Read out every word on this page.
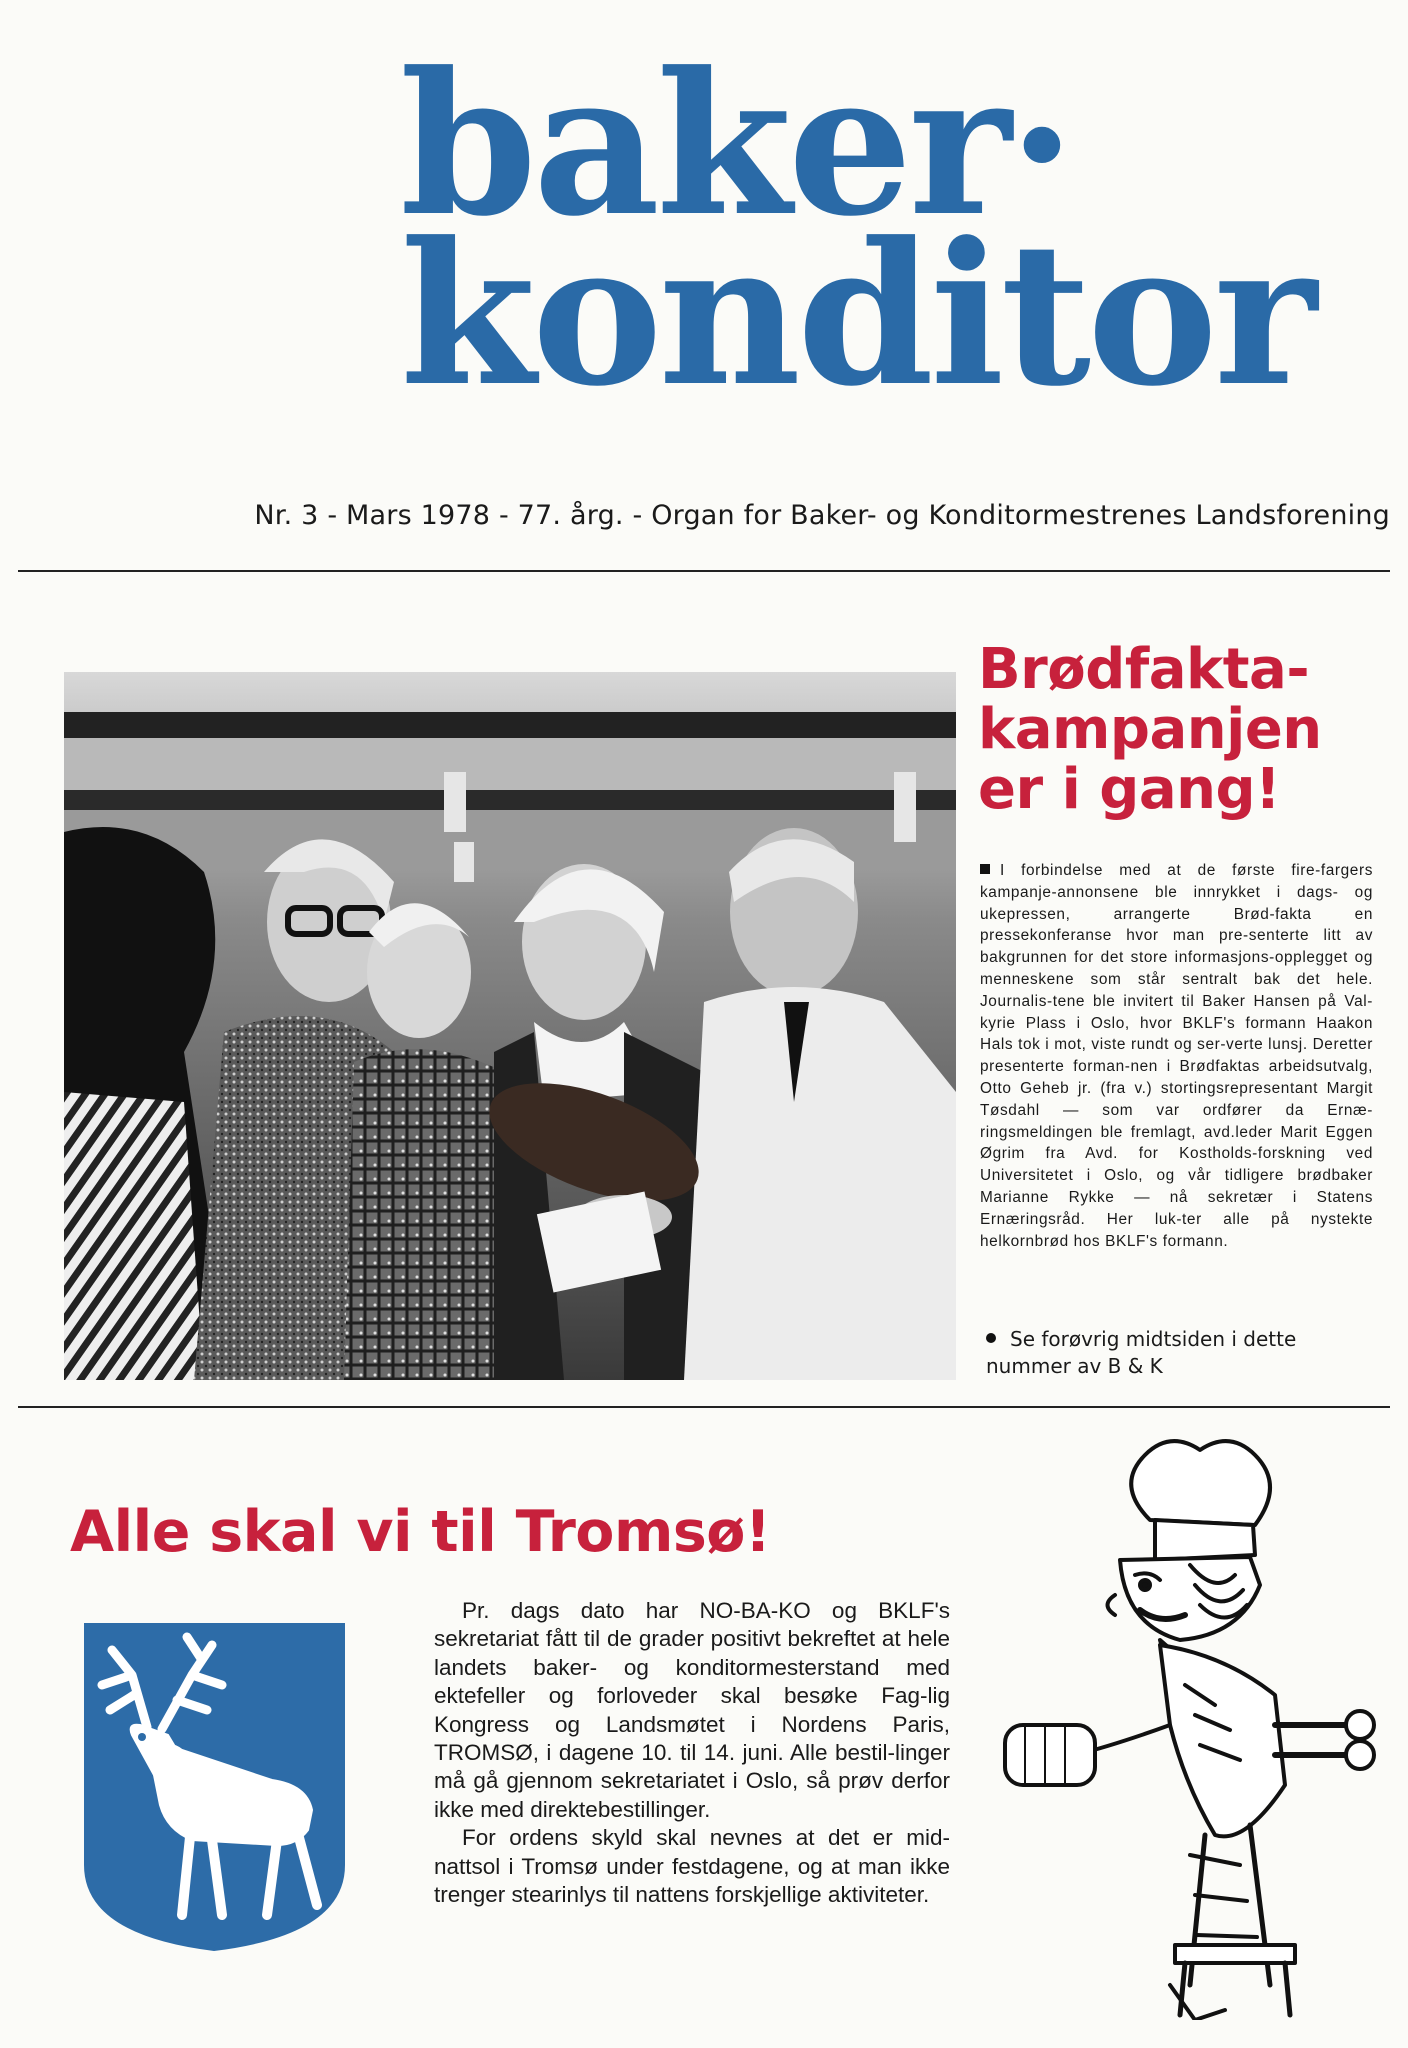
baker·
konditor

Nr. 3 - Mars 1978 - 77. årg. - Organ for Baker- og Konditormestrenes Landsforening

Brødfakta-
kampanjen
er i gang!

I forbindelse med at de første fire-fargers kampanje-annonsene ble innrykket i dags- og ukepressen, arrangerte Brød-fakta en pressekonferanse hvor man pre-senterte litt av bakgrunnen for det store informasjons-opplegget og menneskene som står sentralt bak det hele. Journalis-tene ble invitert til Baker Hansen på Val-kyrie Plass i Oslo, hvor BKLF's formann Haakon Hals tok i mot, viste rundt og ser-verte lunsj. Deretter presenterte forman-nen i Brødfaktas arbeidsutvalg, Otto Geheb jr. (fra v.) stortingsrepresentant Margit Tøsdahl — som var ordfører da Ernæ-ringsmeldingen ble fremlagt, avd.leder Marit Eggen Øgrim fra Avd. for Kostholds-forskning ved Universitetet i Oslo, og vår tidligere brødbaker Marianne Rykke — nå sekretær i Statens Ernæringsråd. Her luk-ter alle på nystekte helkornbrød hos BKLF's formann.

Se forøvrig midtsiden i dette nummer av B & K

Alle skal vi til Tromsø!

Pr. dags dato har NO-BA-KO og BKLF's sekretariat fått til de grader positivt bekreftet at hele landets baker- og konditormesterstand med ektefeller og forloveder skal besøke Fag-lig Kongress og Landsmøtet i Nordens Paris, TROMSØ, i dagene 10. til 14. juni. Alle bestil-linger må gå gjennom sekretariatet i Oslo, så prøv derfor ikke med direktebestillinger.

For ordens skyld skal nevnes at det er mid-nattsol i Tromsø under festdagene, og at man ikke trenger stearinlys til nattens forskjellige aktiviteter.
